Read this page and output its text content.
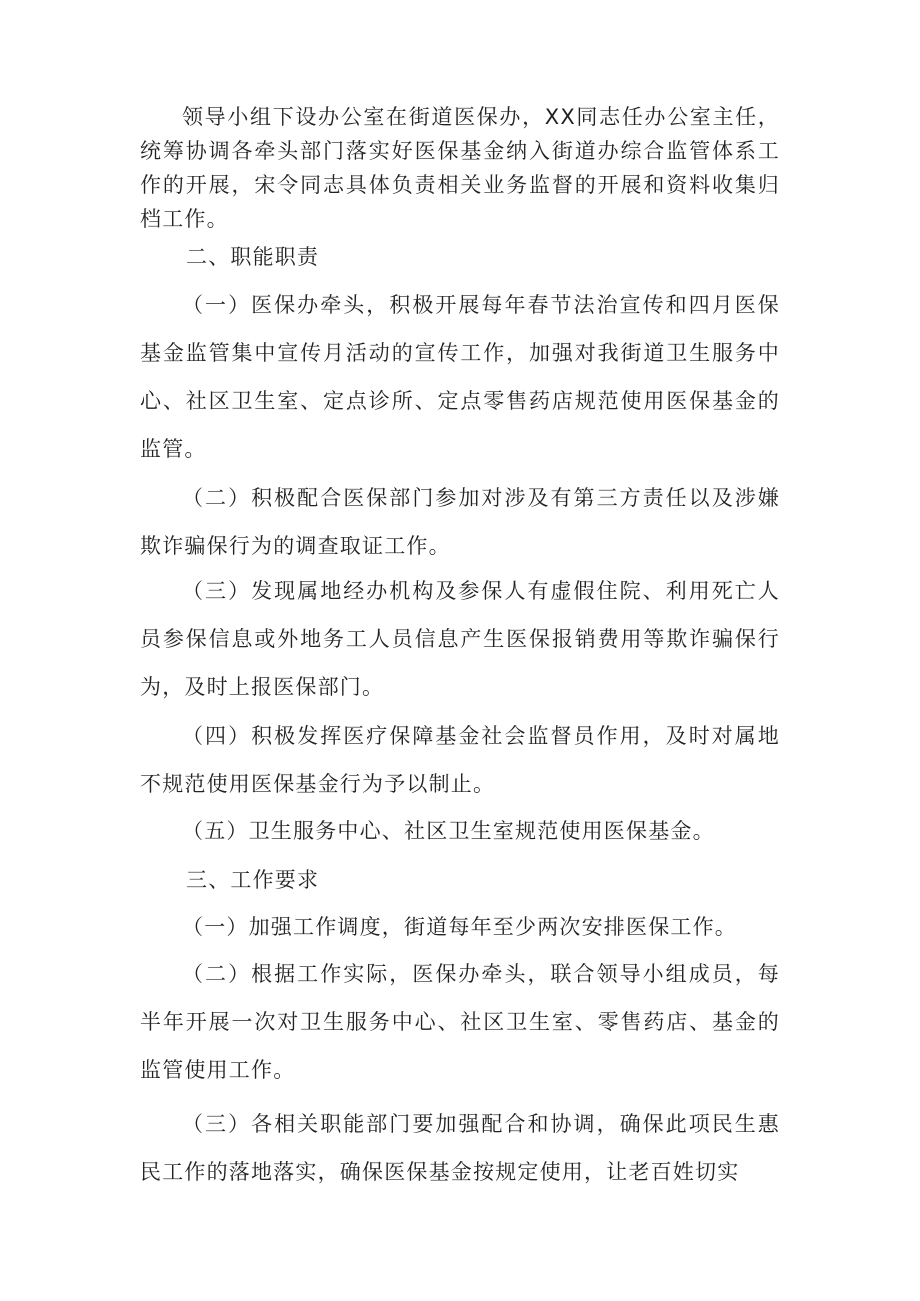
领导小组下设办公室在街道医保办，XX同志任办公室主任，统筹协调各牵头部门落实好医保基金纳入街道办综合监管体系工作的开展，宋令同志具体负责相关业务监督的开展和资料收集归档工作。

二、职能职责

（一）医保办牵头，积极开展每年春节法治宣传和四月医保基金监管集中宣传月活动的宣传工作，加强对我街道卫生服务中心、社区卫生室、定点诊所、定点零售药店规范使用医保基金的监管。

（二）积极配合医保部门参加对涉及有第三方责任以及涉嫌欺诈骗保行为的调查取证工作。

（三）发现属地经办机构及参保人有虚假住院、利用死亡人员参保信息或外地务工人员信息产生医保报销费用等欺诈骗保行为，及时上报医保部门。

（四）积极发挥医疗保障基金社会监督员作用，及时对属地不规范使用医保基金行为予以制止。

（五）卫生服务中心、社区卫生室规范使用医保基金。

三、工作要求

（一）加强工作调度，街道每年至少两次安排医保工作。

（二）根据工作实际，医保办牵头，联合领导小组成员，每半年开展一次对卫生服务中心、社区卫生室、零售药店、基金的监管使用工作。

（三）各相关职能部门要加强配合和协调，确保此项民生惠民工作的落地落实，确保医保基金按规定使用，让老百姓切实
